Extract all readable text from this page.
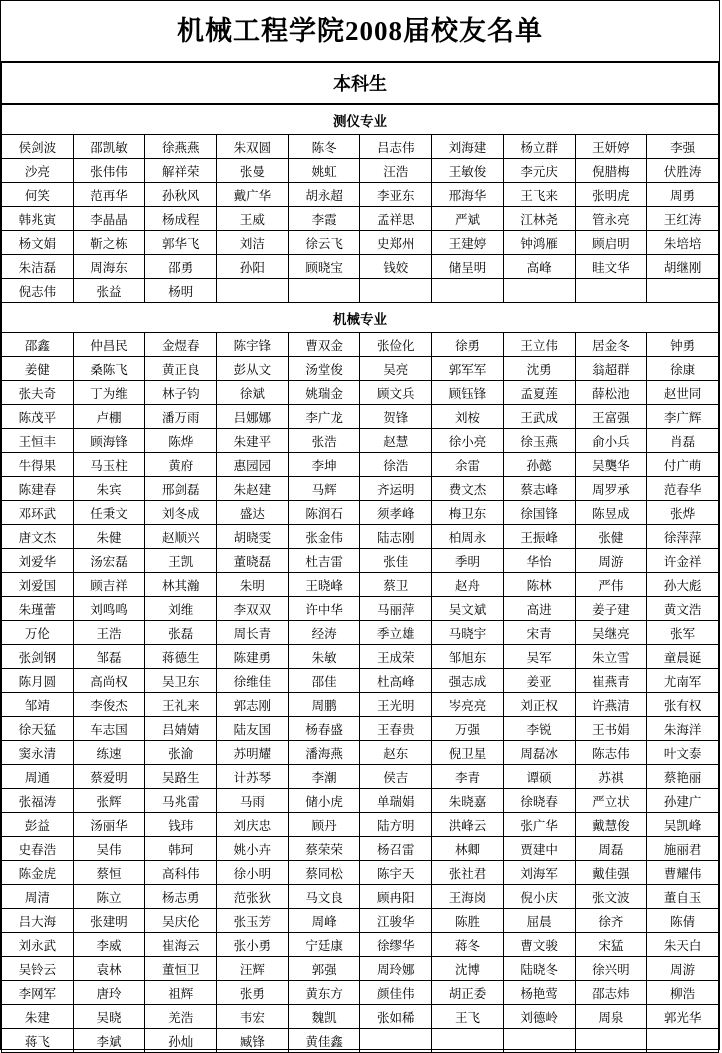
机械工程学院2008届校友名单
本科生									
测仪专业									
侯剑波	邵凯敏	徐燕燕	朱双圆	陈冬	吕志伟	刘海建	杨立群	王妍婷	李强
沙亮	张伟伟	解祥荣	张曼	姚虹	汪浩	王敏俊	李元庆	倪腊梅	伏胜涛
何笑	范再华	孙秋风	戴广华	胡永超	李亚东	邢海华	王飞来	张明虎	周勇
韩兆寅	李晶晶	杨成程	王威	李霞	孟祥思	严斌	江林尧	管永亮	王红涛
杨文娟	靳之栋	郭华飞	刘洁	徐云飞	史郑州	王建婷	钟鸿雁	顾启明	朱培培
朱洁磊	周海东	邵勇	孙阳	顾晓宝	钱姣	储呈明	高峰	眭文华	胡继刚
倪志伟	张益	杨明							
机械专业									
邵鑫	仲昌民	金煜春	陈宇锋	曹双金	张俭化	徐勇	王立伟	居金冬	钟勇
姜健	桑陈飞	黄正良	彭从文	汤堂俊	吴亮	郭军军	沈勇	翁超群	徐康
张夫奇	丁为维	林子钧	徐斌	姚瑞金	顾文兵	顾钰锋	孟夏莲	薛松池	赵世同
陈茂平	卢棚	潘万雨	吕娜娜	李广龙	贺锋	刘桉	王武成	王富强	李广辉
王恒丰	顾海锋	陈烨	朱建平	张浩	赵慧	徐小亮	徐玉燕	俞小兵	肖磊
牛得果	马玉柱	黄府	惠园园	李坤	徐浩	余雷	孙懿	吴龑华	付广萌
陈建春	朱宾	邢剑磊	朱赵建	马辉	齐运明	费文杰	蔡志峰	周罗承	范春华
邓环武	任秉文	刘冬成	盛达	陈润石	须孝峰	梅卫东	徐国锋	陈昱成	张烨
唐文杰	朱健	赵顺兴	胡晓雯	张金伟	陆志刚	柏周永	王振峰	张健	徐萍萍
刘爱华	汤宏磊	王凯	董晓磊	杜吉雷	张佳	季明	华怡	周游	许金祥
刘爱国	顾吉祥	林其瀚	朱明	王晓峰	蔡卫	赵舟	陈林	严伟	孙大彪
朱瑾蕾	刘鸣鸣	刘维	李双双	许中华	马丽萍	吴文斌	高进	姜子建	黄文浩
万伦	王浩	张磊	周长青	经涛	季立雄	马晓宇	宋青	吴继亮	张军
张剑钢	邹磊	蒋德生	陈建勇	朱敏	王成荣	邹旭东	吴军	朱立雪	童晨诞
陈月圆	高尚权	吴卫东	徐维佳	邵佳	杜高峰	强志成	姜亚	崔燕青	尤南军
邹靖	李俊杰	王礼来	郭志刚	周鹏	王光明	岑亮亮	刘正权	许燕清	张有权
徐天猛	车志国	吕婧婧	陆友国	杨春盛	王春贵	万强	李锐	王书娟	朱海洋
窦永清	练速	张渝	苏明耀	潘海燕	赵东	倪卫星	周磊冰	陈志伟	叶文泰
周通	蔡爱明	吴路生	计苏琴	李潮	侯吉	李青	谭硕	苏祺	蔡艳丽
张福涛	张辉	马兆雷	马雨	储小虎	单瑞娟	朱晓嘉	徐晓春	严立状	孙建广
彭益	汤丽华	钱玮	刘庆忠	顾丹	陆方明	洪峰云	张广华	戴慧俊	吴凯峰
史春浩	吴伟	韩珂	姚小卉	蔡荣荣	杨召雷	林卿	贾建中	周磊	施丽君
陈金虎	蔡恒	高科伟	徐小明	蔡同松	陈宇天	张社君	刘海军	戴佳强	曹耀伟
周清	陈立	杨志勇	范张狄	马文良	顾冉阳	王海岗	倪小庆	张文波	董自玉
吕大海	张建明	吴庆伦	张玉芳	周峰	江骏华	陈胜	屈晨	徐齐	陈倩
刘永武	李威	崔海云	张小勇	宁廷康	徐缪华	蒋冬	曹文骏	宋猛	朱天白
吴铃云	袁林	董恒卫	汪辉	郭强	周玲娜	沈博	陆晓冬	徐兴明	周游
李网军	唐玲	祖辉	张勇	黄东方	颜佳伟	胡正委	杨艳莺	邵志炜	柳浩
朱建	吴晓	羌浩	韦宏	魏凯	张如稀	王飞	刘德岭	周泉	郭光华
蒋飞	李斌	孙灿	臧锋	黄佳鑫					
